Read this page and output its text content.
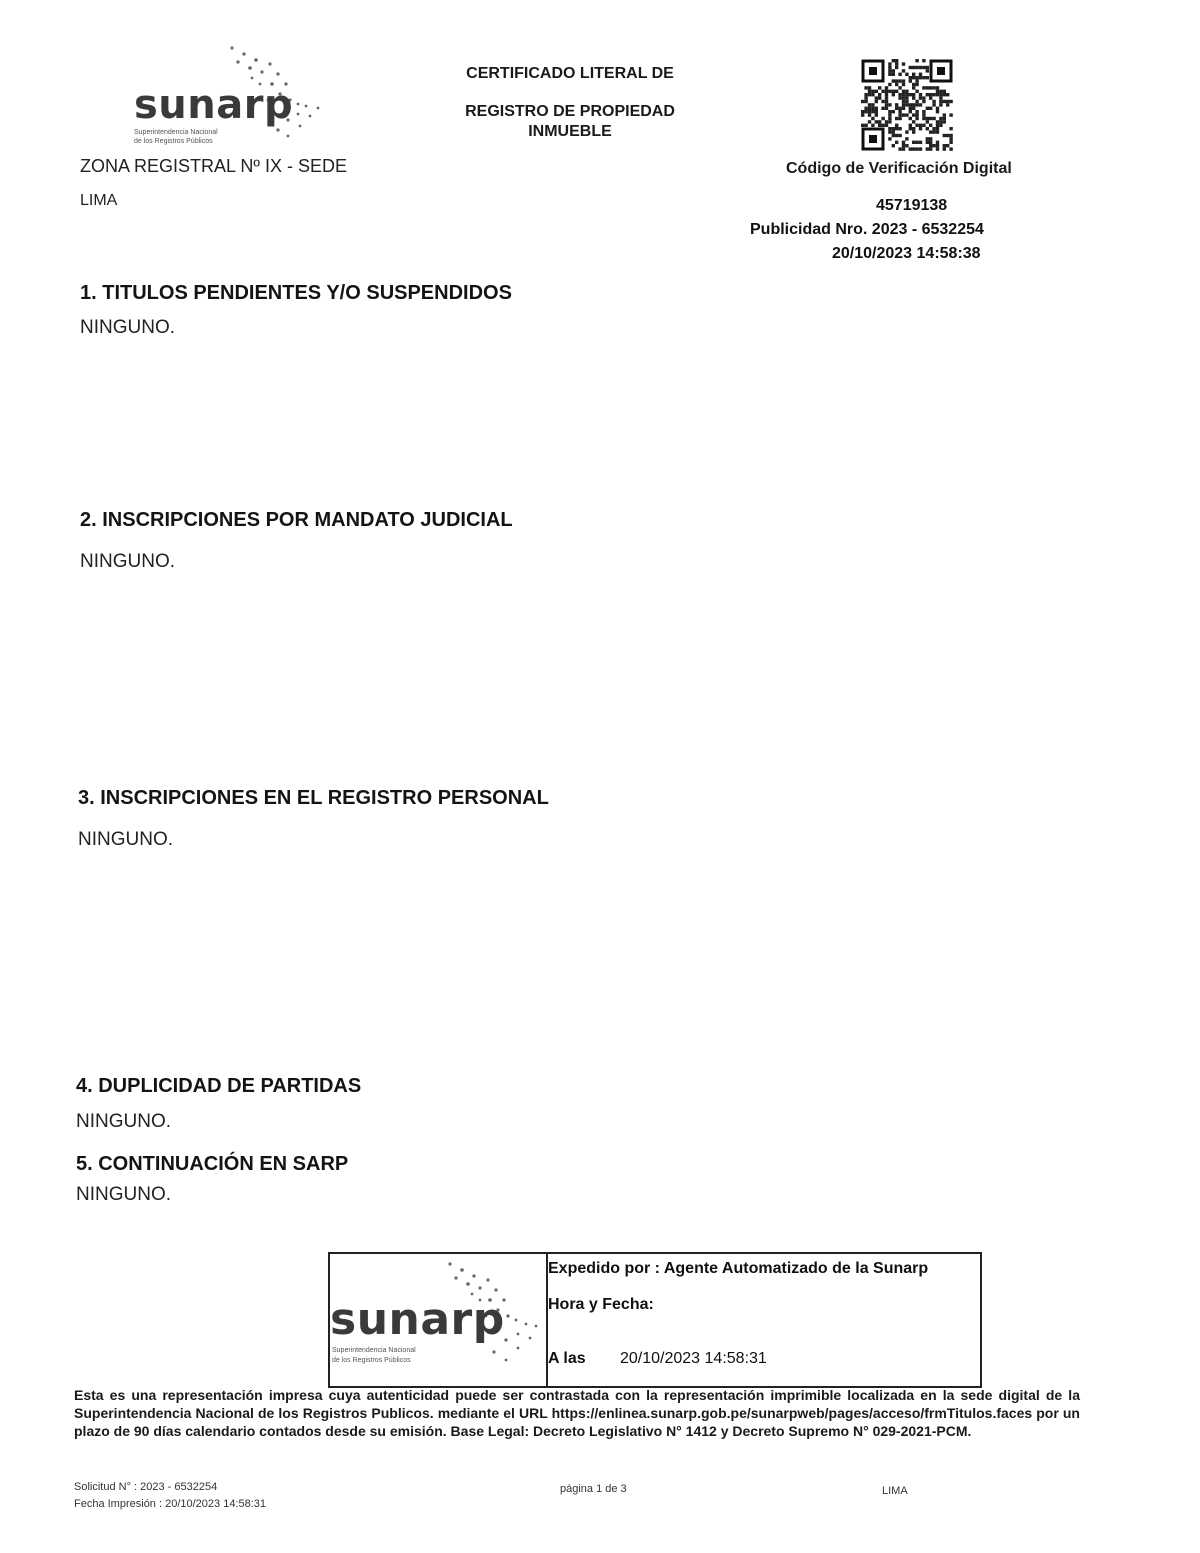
sunarp
Superintendencia Nacional
de los Registros Públicos
ZONA REGISTRAL Nº IX - SEDE
LIMA
CERTIFICADO LITERAL DE
REGISTRO DE PROPIEDAD
INMUEBLE
Código de Verificación Digital
45719138
Publicidad Nro. 2023 - 6532254
20/10/2023 14:58:38
1. TITULOS PENDIENTES Y/O SUSPENDIDOS
NINGUNO.
2. INSCRIPCIONES POR MANDATO JUDICIAL
NINGUNO.
3. INSCRIPCIONES EN EL REGISTRO PERSONAL
NINGUNO.
4. DUPLICIDAD DE PARTIDAS
NINGUNO.
5. CONTINUACIÓN EN SARP
NINGUNO.
sunarp
Superintendencia Nacional
de los Registros Públicos
Expedido por : Agente Automatizado de la Sunarp
Hora y Fecha:
A las 20/10/2023 14:58:31
Esta es una representación impresa cuya autenticidad puede ser contrastada con la representación imprimible localizada en la sede digital de la Superintendencia Nacional de los Registros Publicos. mediante el URL https://enlinea.sunarp.gob.pe/sunarpweb/pages/acceso/frmTitulos.faces por un plazo de 90 días calendario contados desde su emisión. Base Legal: Decreto Legislativo N° 1412 y Decreto Supremo N° 029-2021-PCM.
Solicitud N° : 2023 - 6532254
Fecha Impresión : 20/10/2023 14:58:31
página 1 de 3	LIMA
